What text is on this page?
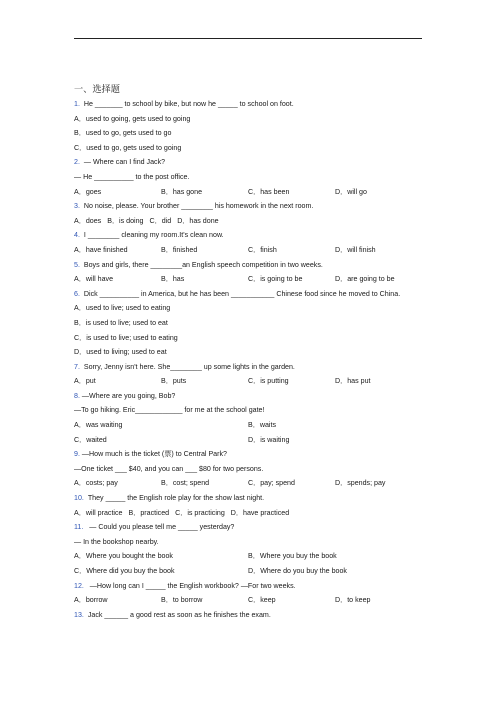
一、选择题
1. He _______ to school by bike, but now he _____ to school on foot.
A．used to going, gets used to going
B．used to go, gets used to go
C．used to go, gets used to going
2. — Where can I find Jack?
— He __________ to the post office.
A．goes	B．has gone	C．has been	D．will go
3. No noise, please. Your brother ________ his homework in the next room.
A．does B．is doing C．did D．has done
4. I ________ cleaning my room.It's clean now.
A．have finished	B．finished	C．finish	D．will finish
5. Boys and girls, there ________an English speech competition in two weeks.
A．will have	B．has	C．is going to be	D．are going to be
6. Dick __________ in America, but he has been ___________ Chinese food since he moved to China.
A．used to live; used to eating
B．is used to live; used to eat
C．is used to live; used to eating
D．used to living; used to eat
7. Sorry, Jenny isn't here. She________ up some lights in the garden.
A．put	B．puts	C．is putting	D．has put
8. —Where are you going, Bob?
—To go hiking. Eric____________ for me at the school gate!
A．was waiting	B．waits
C．waited	D．is waiting
9. —How much is the ticket (票) to Central Park?
—One ticket ___ $40, and you can ___ $80 for two persons.
A．costs; pay	B．cost; spend	C．pay; spend	D．spends; pay
10. They _____ the English role play for the show last night.
A．will practice B．practiced C．is practicing D．have practiced
11. — Could you please tell me _____ yesterday?
— In the bookshop nearby.
A．Where you bought the book	B．Where you buy the book
C．Where did you buy the book	D．Where do you buy the book
12. —How long can I _____ the English workbook? —For two weeks.
A．borrow	B．to borrow	C．keep	D．to keep
13. Jack ______ a good rest as soon as he finishes the exam.
